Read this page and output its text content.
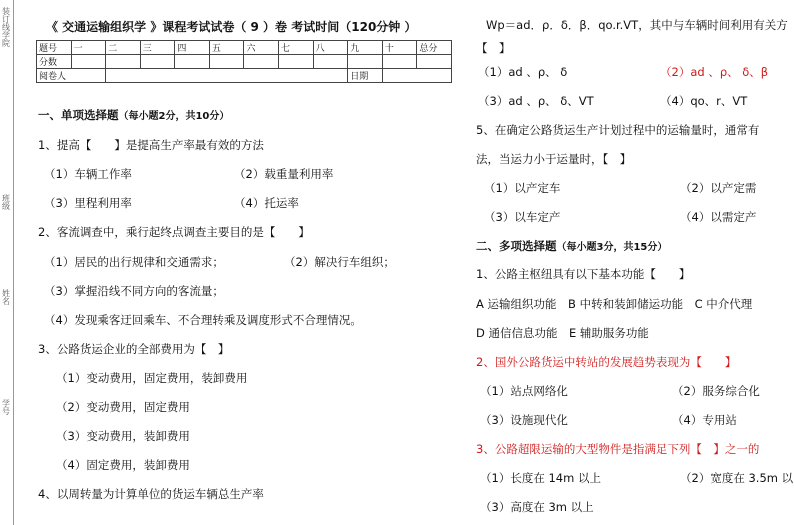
装订线学院
班级
姓名
学号
《 交通运输组织学 》课程考试试卷（ 9 ）卷 考试时间（120分钟 ）
题号	一	二	三	四	五	六	七	八	九	十	总分
分数											
阅卷人									日期		
一、单项选择题（每小题2分，共10分）
1、提高【　　】是提高生产率最有效的方法
（1）车辆工作率	（2）载重量利用率
（3）里程利用率	（4）托运率
2、客流调查中，乘行起终点调查主要目的是【　　】
（1）居民的出行规律和交通需求；	（2）解决行车组织；
（3）掌握沿线不同方向的客流量；
（4）发现乘客迂回乘车、不合理转乘及调度形式不合理情况。
3、公路货运企业的全部费用为【　】
（1）变动费用，固定费用，装卸费用
（2）变动费用，固定费用
（3）变动费用，装卸费用
（4）固定费用，装卸费用
4、以周转量为计算单位的货运车辆总生产率
Wp＝ad．ρ．δ．β．qo.r.VT，其中与车辆时间利用有关方
【　】
（1）ad 、ρ、 δ	（2）ad 、ρ、 δ、β
（3）ad 、ρ、 δ、VT	（4）qo、r、VT
5、在确定公路货运生产计划过程中的运输量时，通常有
法，当运力小于运量时，【　】
（1）以产定车	（2）以产定需
（3）以车定产	（4）以需定产
二、多项选择题（每小题3分，共15分）
1、公路主枢纽具有以下基本功能【　　】
A 运输组织功能　B 中转和装卸储运功能　C 中介代理
D 通信信息功能　E 辅助服务功能
2、国外公路货运中转站的发展趋势表现为【　　】
（1）站点网络化	（2）服务综合化
（3）设施现代化	（4）专用站
3、公路超限运输的大型物件是指满足下列【　】之一的
（1）长度在 14m 以上	（2）宽度在 3.5m 以
（3）高度在 3m 以上
